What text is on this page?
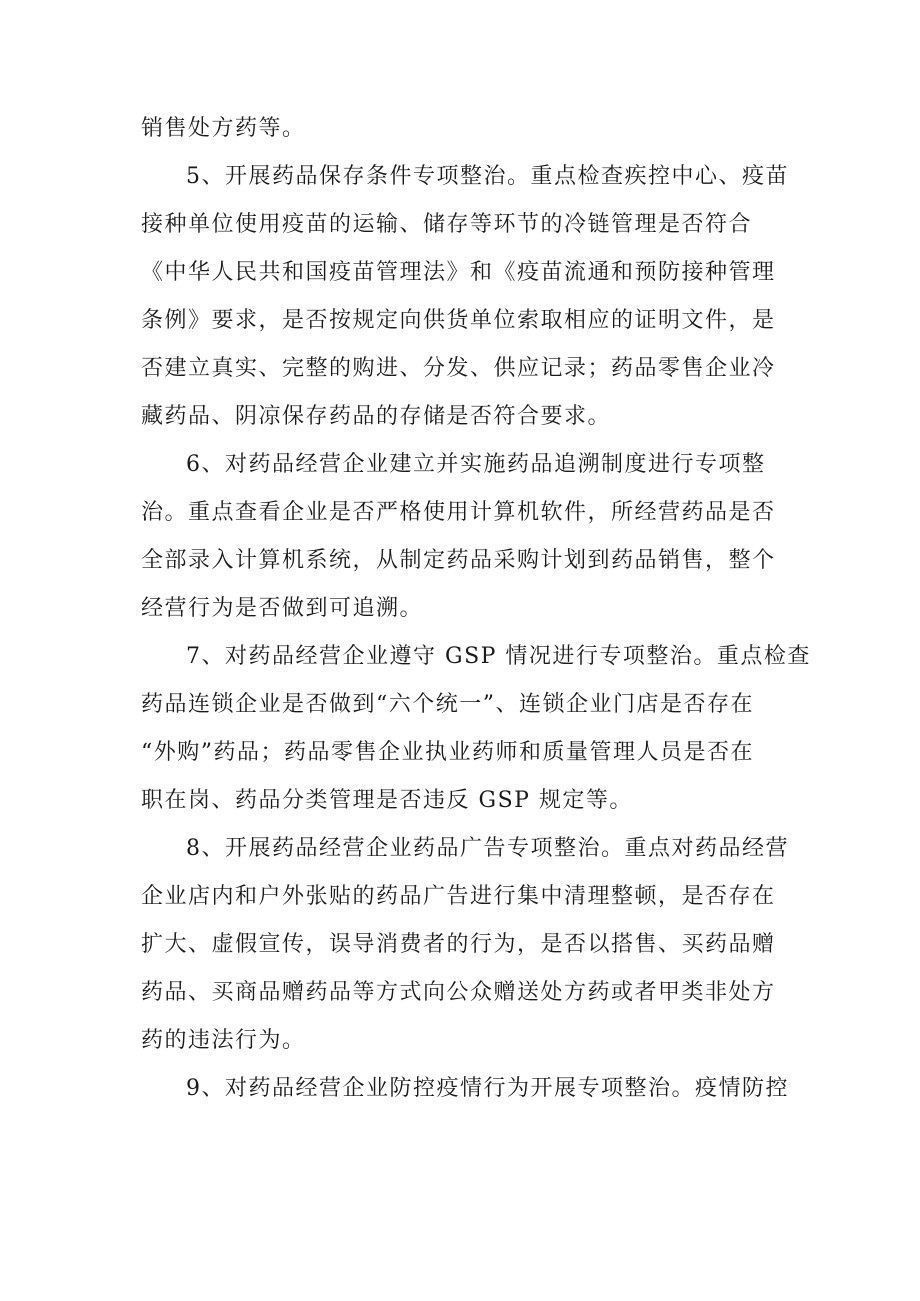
销售处方药等。
5、开展药品保存条件专项整治。重点检查疾控中心、疫苗
接种单位使用疫苗的运输、储存等环节的冷链管理是否符合
《中华人民共和国疫苗管理法》和《疫苗流通和预防接种管理
条例》要求，是否按规定向供货单位索取相应的证明文件，是
否建立真实、完整的购进、分发、供应记录；药品零售企业冷
藏药品、阴凉保存药品的存储是否符合要求。
6、对药品经营企业建立并实施药品追溯制度进行专项整
治。重点查看企业是否严格使用计算机软件，所经营药品是否
全部录入计算机系统，从制定药品采购计划到药品销售，整个
经营行为是否做到可追溯。
7、对药品经营企业遵守 GSP 情况进行专项整治。重点检查
药品连锁企业是否做到“六个统一”、连锁企业门店是否存在
“外购”药品；药品零售企业执业药师和质量管理人员是否在
职在岗、药品分类管理是否违反 GSP 规定等。
8、开展药品经营企业药品广告专项整治。重点对药品经营
企业店内和户外张贴的药品广告进行集中清理整顿，是否存在
扩大、虚假宣传，误导消费者的行为，是否以搭售、买药品赠
药品、买商品赠药品等方式向公众赠送处方药或者甲类非处方
药的违法行为。
9、对药品经营企业防控疫情行为开展专项整治。疫情防控
